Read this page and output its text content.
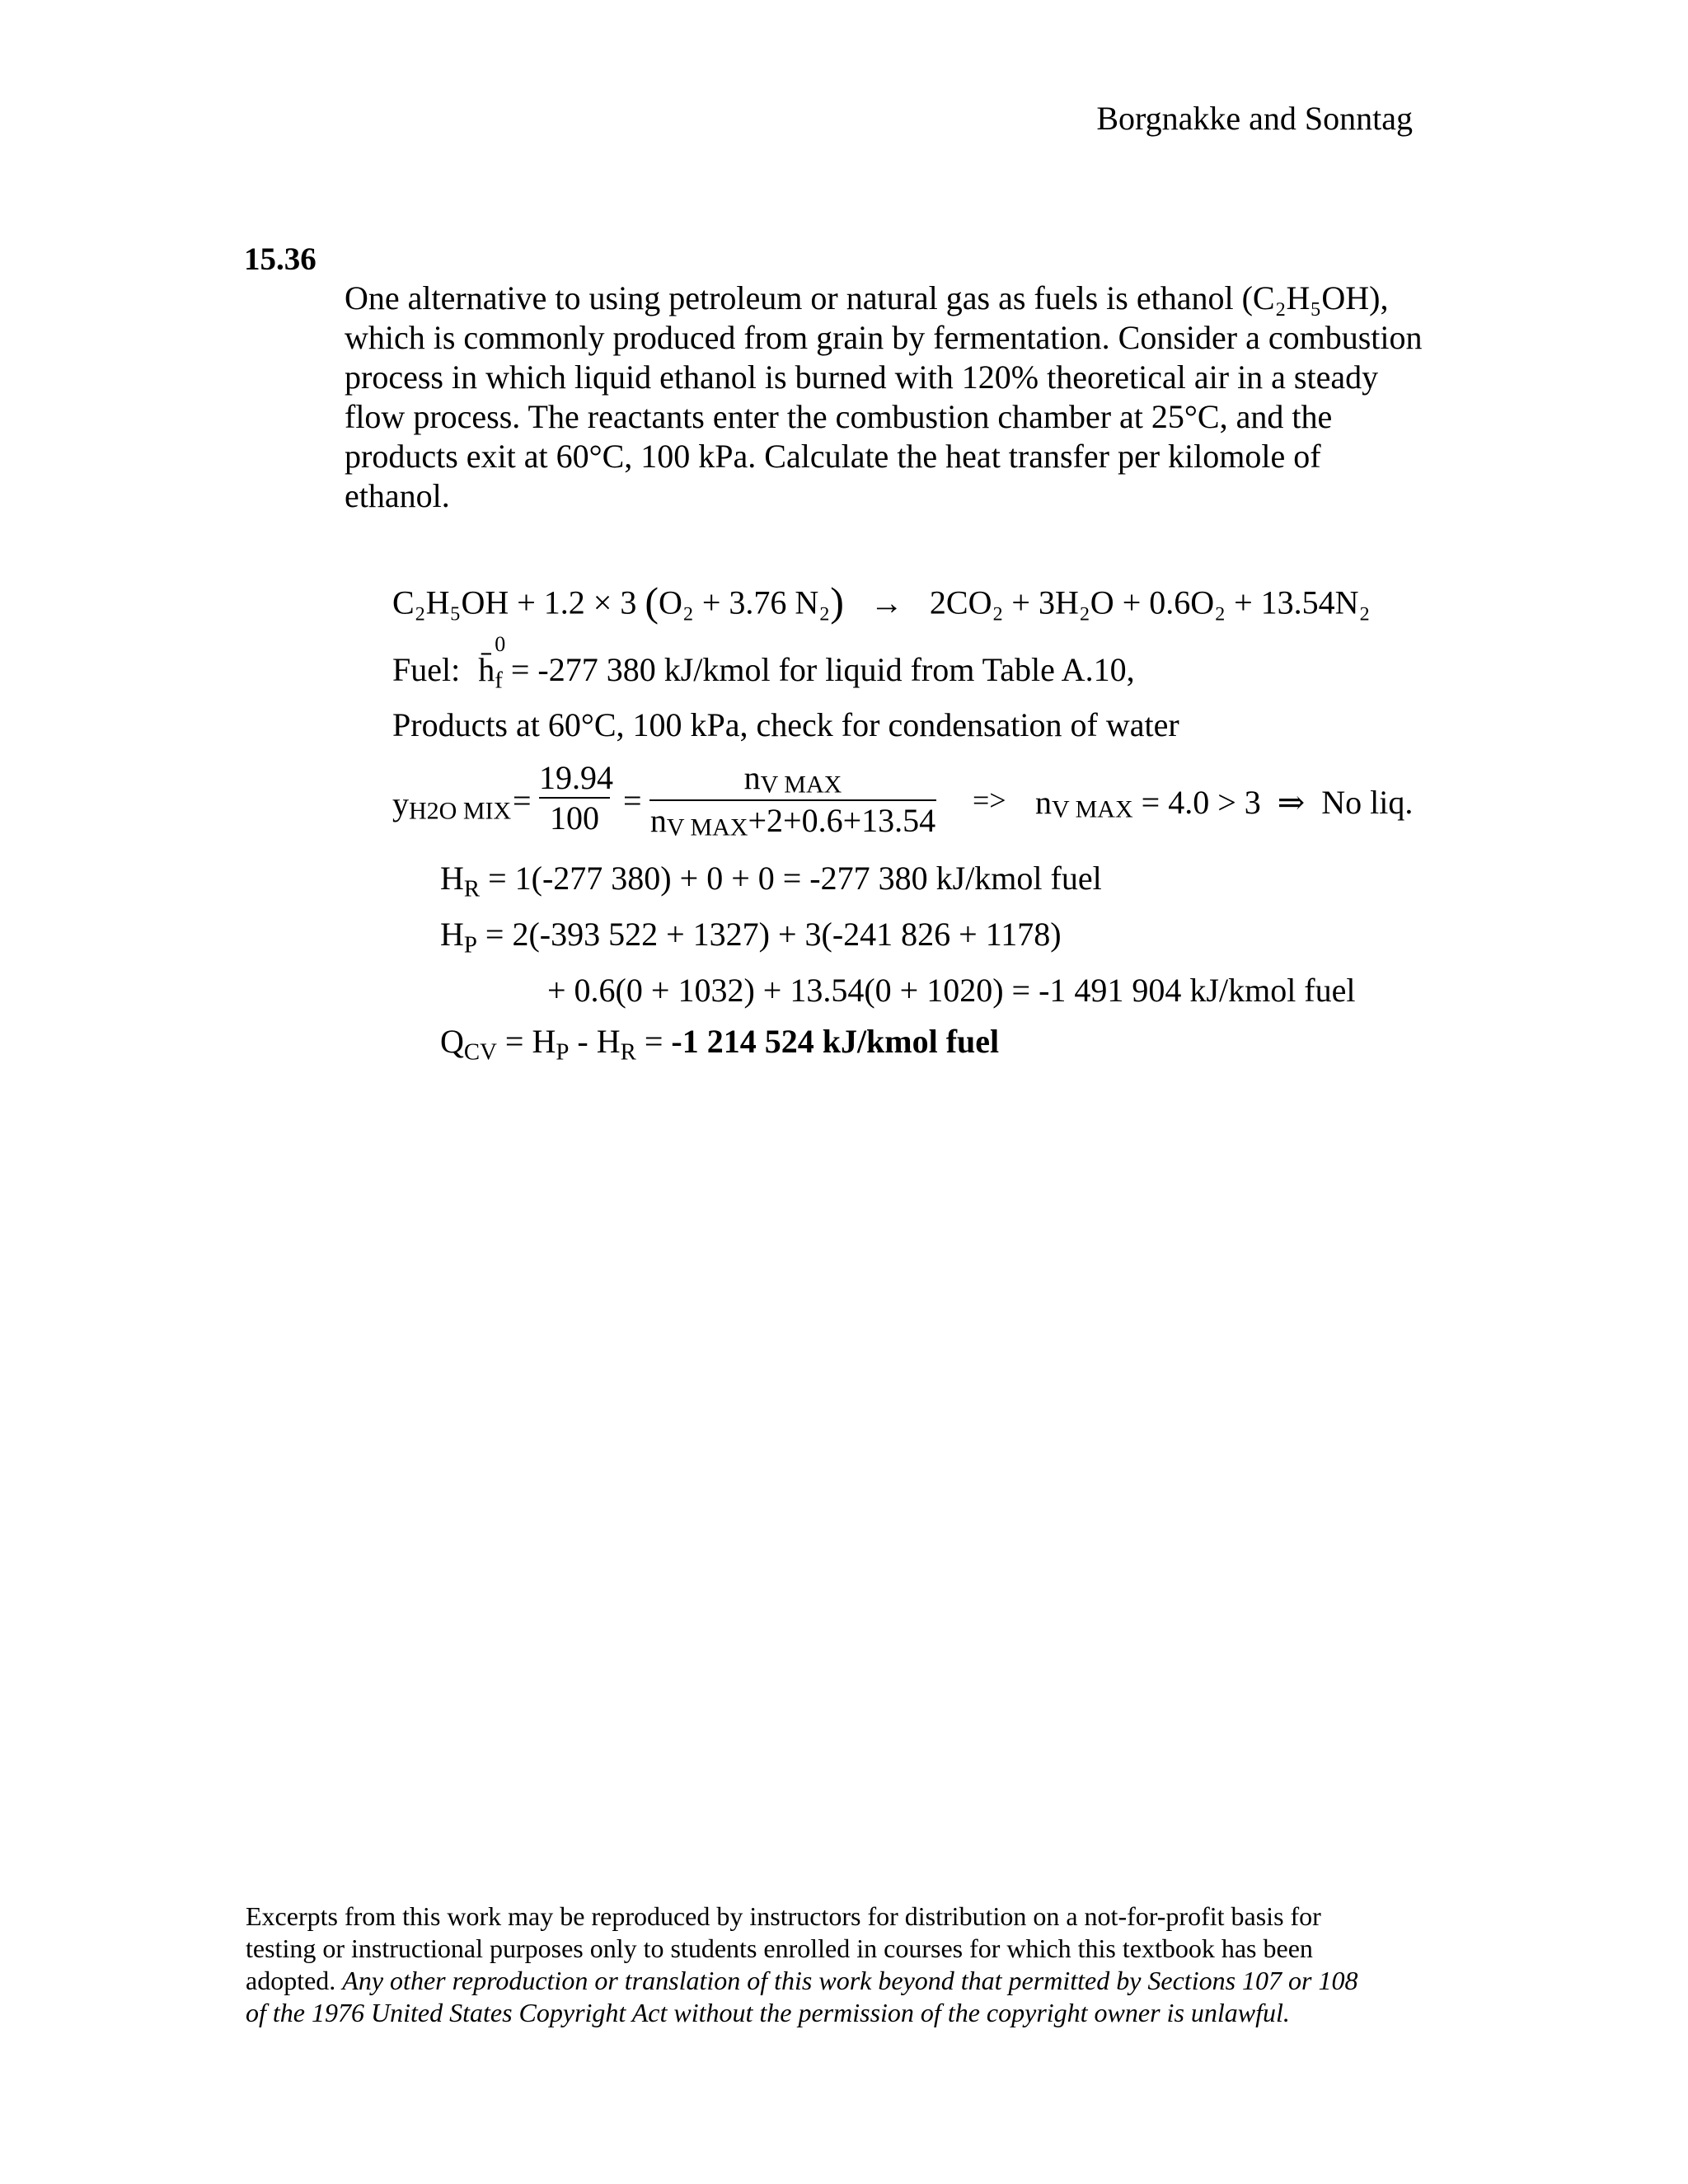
Borgnakke and Sonntag
15.36
One alternative to using petroleum or natural gas as fuels is ethanol (C₂H₅OH),
which is commonly produced from grain by fermentation. Consider a combustion
process in which liquid ethanol is burned with 120% theoretical air in a steady
flow process. The reactants enter the combustion chamber at 25°C, and the
products exit at 60°C, 100 kPa. Calculate the heat transfer per kilomole of
ethanol.
C₂H₅OH + 1.2 × 3 (O₂ + 3.76 N₂) → 2CO₂ + 3H₂O + 0.6O₂ + 13.54N₂
Fuel: $h̄_f$
0
= -277 380 kJ/kmol for liquid from Table A.10,
Products at 60°C, 100 kPa, check for condensation of water
yH2O MIX = $\frac{19.94}{100}$ =
nV MAX
nV MAX+2+0.6+13.54
=> nV MAX = 4.0 > 3 ⇒ No liq.
$H_R = 1(-277$ 380) + 0 + 0 = -277 380 kJ/kmol fuel
$H_P = 2(-393$ 522 + 1327) + 3(-241 826 + 1178)
+ 0.6(0 + 1032) + 13.54(0 + 1020) = -1 491 904 kJ/kmol fuel
$Q_{CV} = H_P - H_R = -1$ 214 524 kJ/kmol fuel
Excerpts from this work may be reproduced by instructors for distribution on a not-for-profit basis for
testing or instructional purposes only to students enrolled in courses for which this textbook has been
adopted. Any other reproduction or translation of this work beyond that permitted by Sections 107 or 108
of the 1976 United States Copyright Act without the permission of the copyright owner is unlawful.
